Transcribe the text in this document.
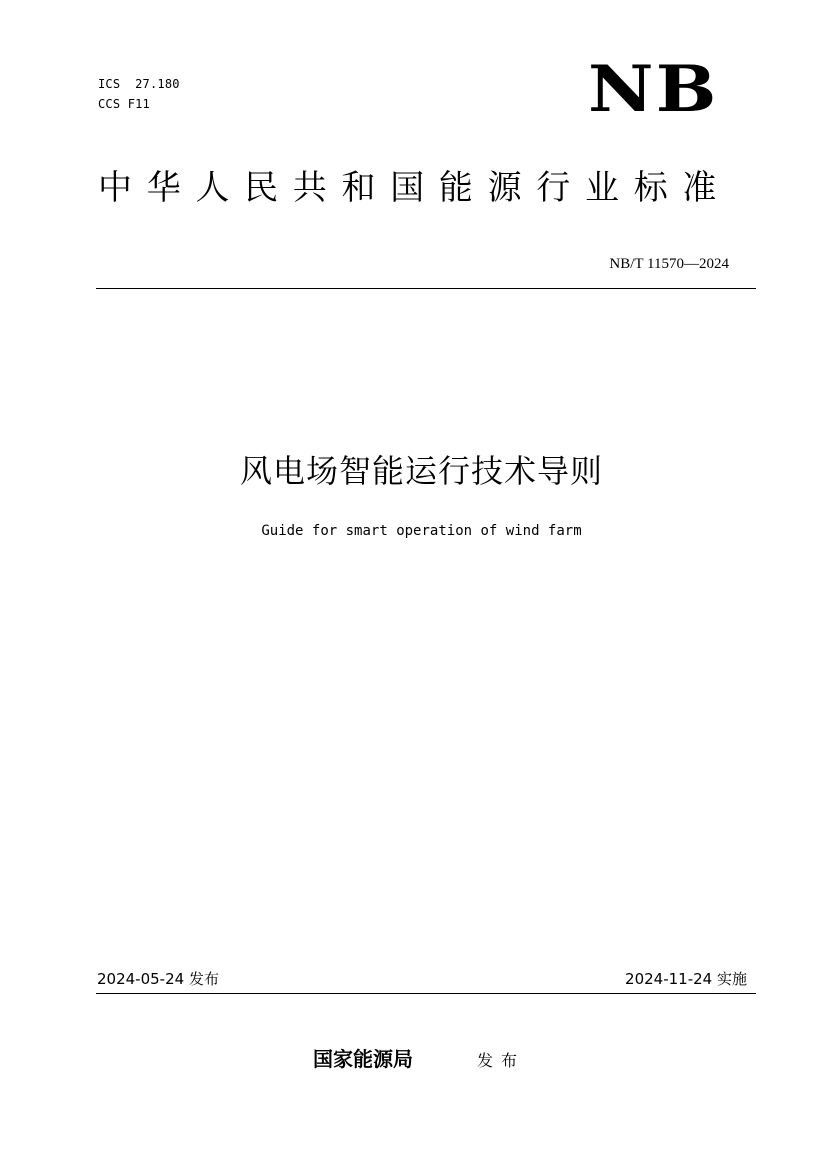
ICS  27.180
CCS F11	NB
中华人民共和国能源行业标准
NB/T 11570—2024
风电场智能运行技术导则
Guide for smart operation of wind farm
2024-05-24 发布	2024-11-24 实施
国家能源局	发布
